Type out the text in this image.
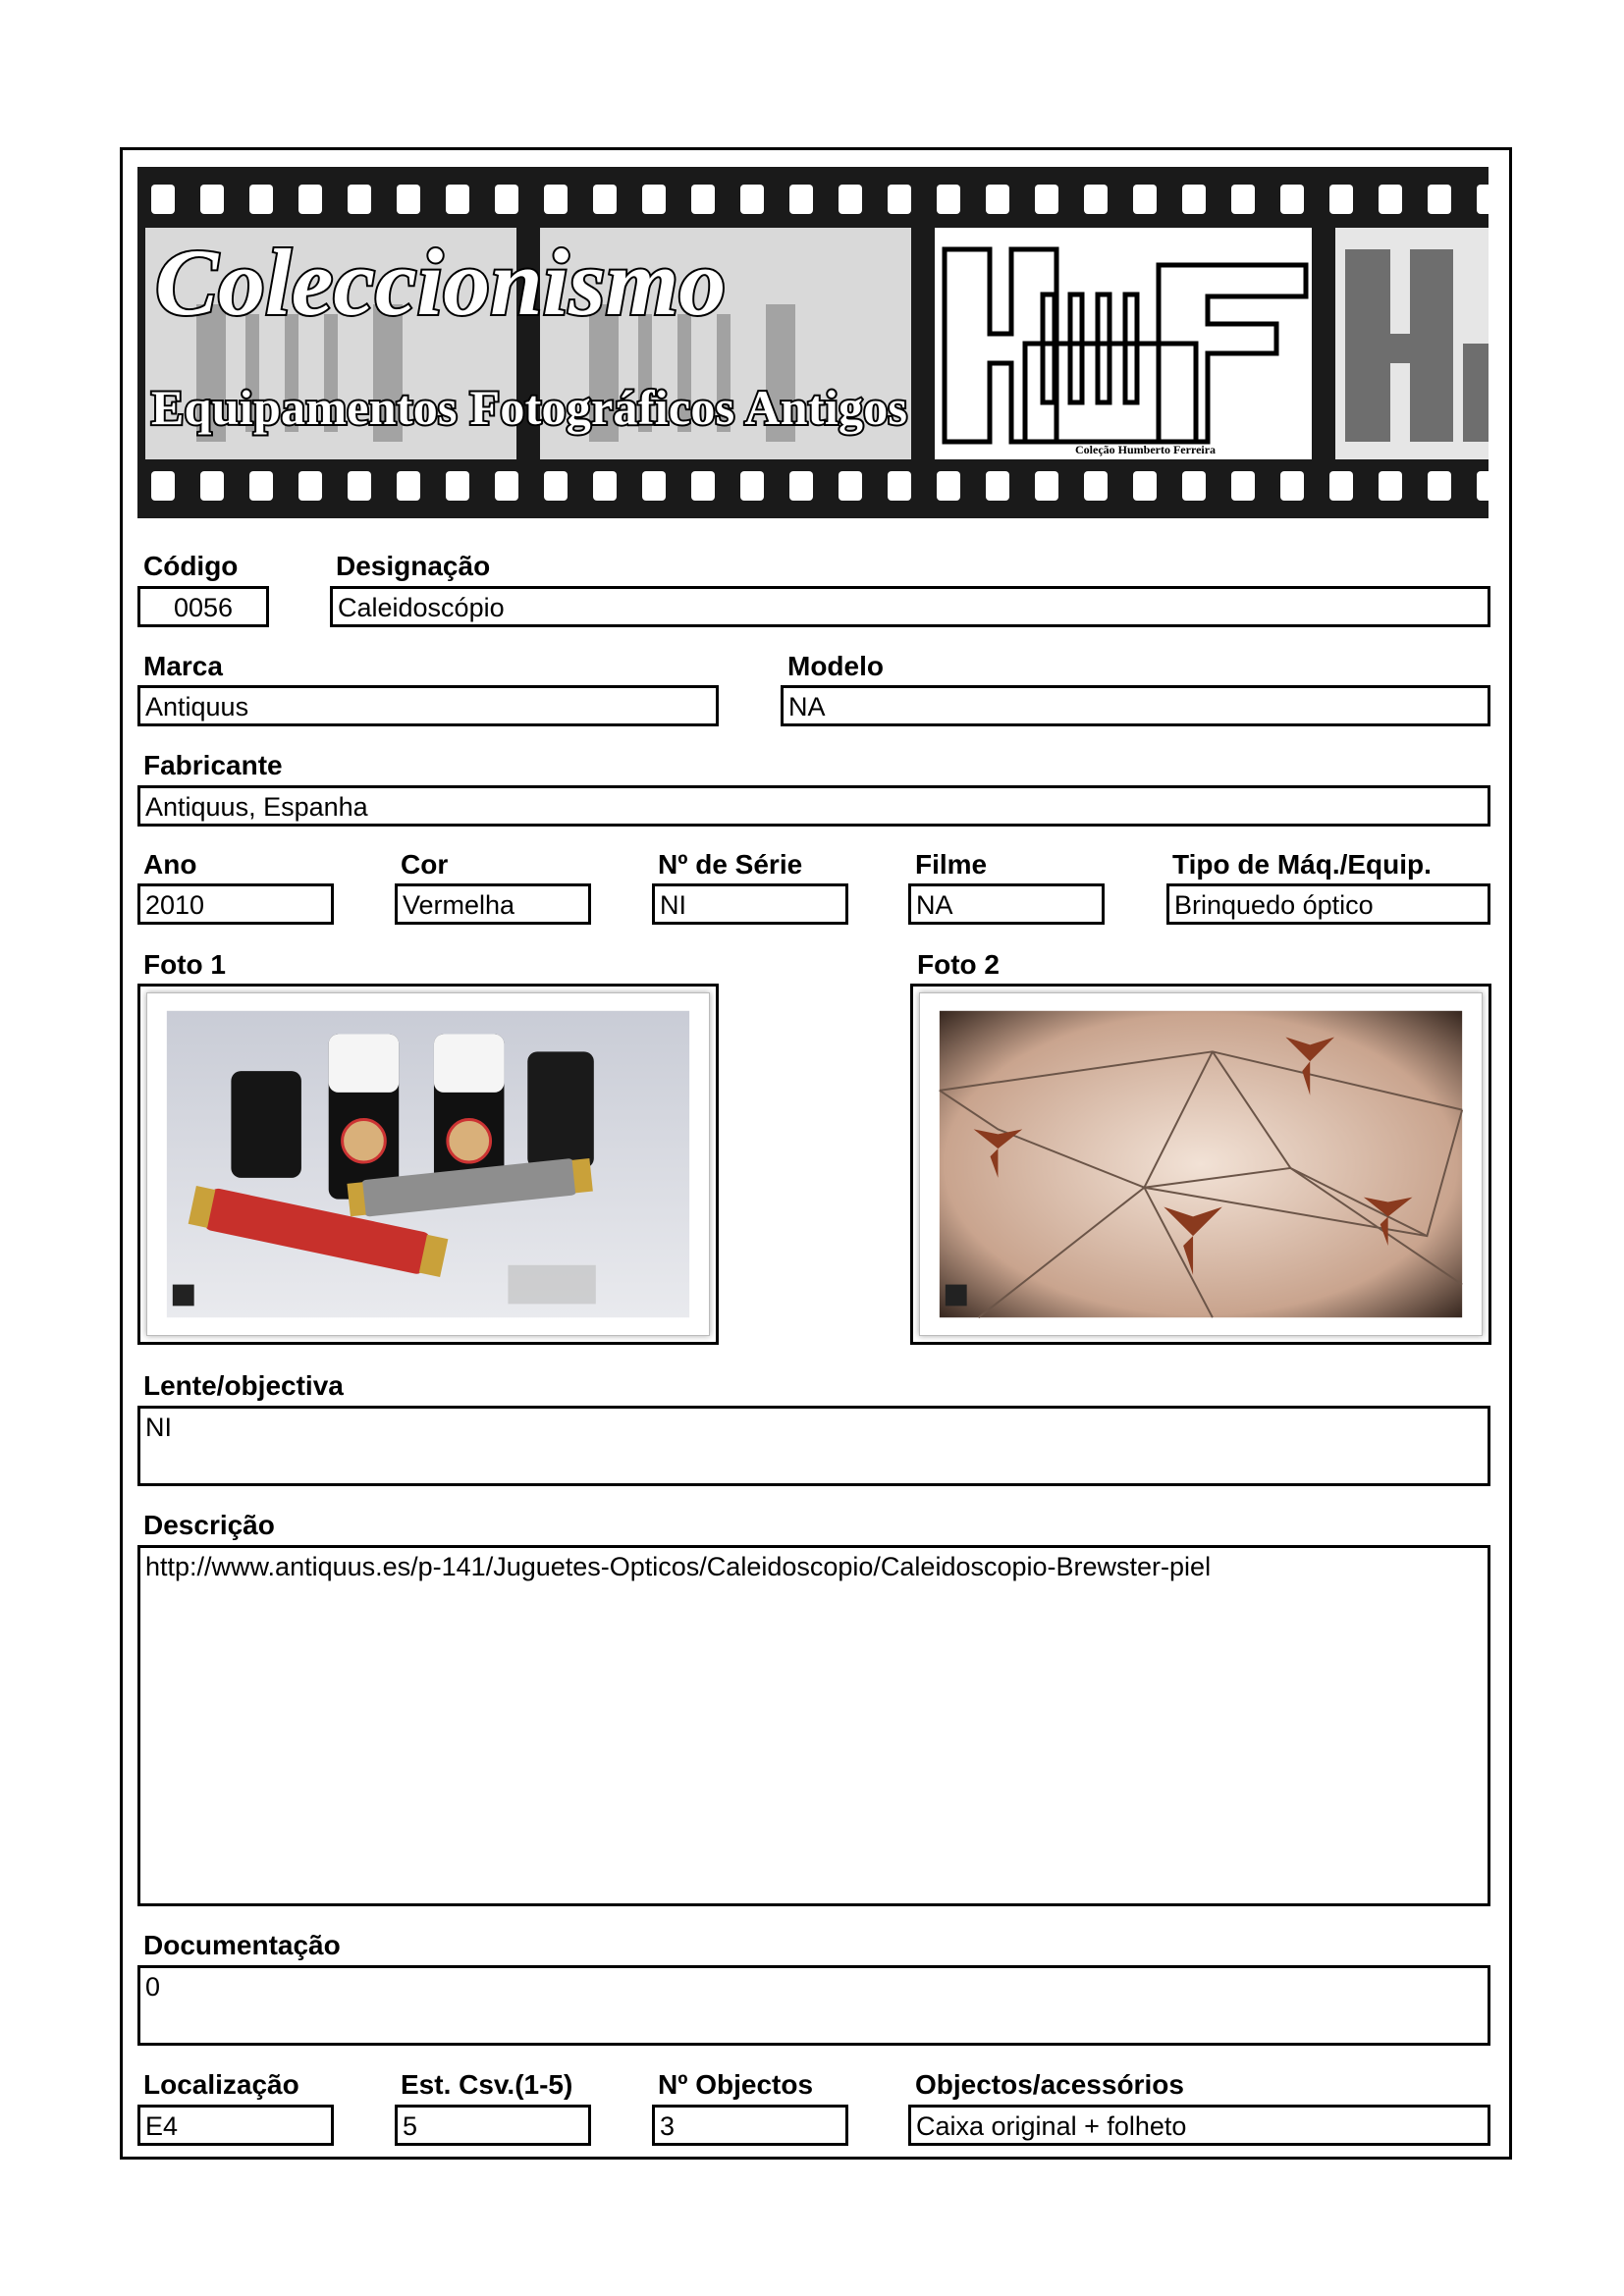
Coleção Humberto Ferreira
Coleccionismo
Equipamentos Fotográficos Antigos
Código
0056
Designação
Caleidoscópio
Marca
Antiquus
Modelo
NA
Fabricante
Antiquus, Espanha
Ano
2010
Cor
Vermelha
Nº de Série
NI
Filme
NA
Tipo de Máq./Equip.
Brinquedo óptico
Foto 1	Foto 2
Lente/objectiva
NI
Descrição
http://www.antiquus.es/p-141/Juguetes-Opticos/Caleidoscopio/Caleidoscopio-Brewster-piel
Documentação
0
Localização
E4
Est. Csv.(1-5)
5
Nº Objectos
3
Objectos/acessórios
Caixa original + folheto
